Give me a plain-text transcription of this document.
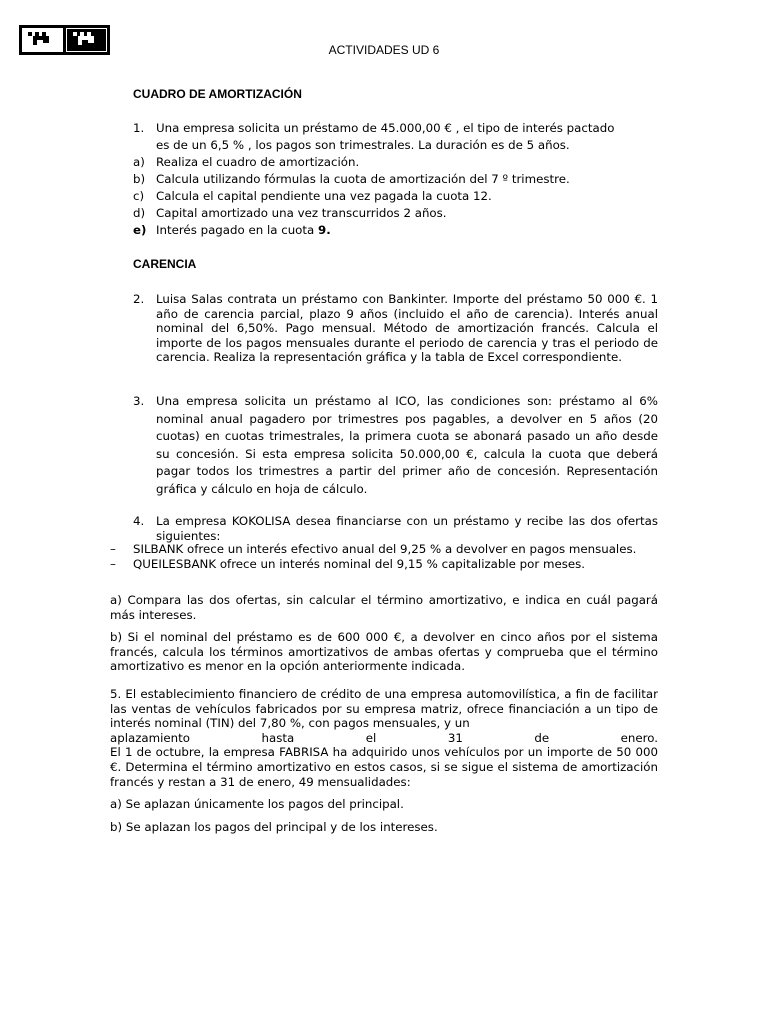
ACTIVIDADES UD 6
CUADRO DE AMORTIZACIÓN
1. Una empresa solicita un préstamo de 45.000,00 € , el tipo de interés pactado
es de un 6,5 % , los pagos son trimestrales. La duración es de 5 años.
a) Realiza el cuadro de amortización.
b) Calcula utilizando fórmulas la cuota de amortización del 7 º trimestre.
c) Calcula el capital pendiente una vez pagada la cuota 12.
d) Capital amortizado una vez transcurridos 2 años.
e) Interés pagado en la cuota 9.
CARENCIA
2. Luisa Salas contrata un préstamo con Bankinter. Importe del préstamo 50 000 €. 1 año de carencia parcial, plazo 9 años (incluido el año de carencia). Interés anual nominal del 6,50%. Pago mensual. Método de amortización francés. Calcula el importe de los pagos mensuales durante el periodo de carencia y tras el periodo de carencia. Realiza la representación gráfica y la tabla de Excel correspondiente.
3. Una empresa solicita un préstamo al ICO, las condiciones son: préstamo al 6% nominal anual pagadero por trimestres pos pagables, a devolver en 5 años (20 cuotas) en cuotas trimestrales, la primera cuota se abonará pasado un año desde su concesión. Si esta empresa solicita 50.000,00 €, calcula la cuota que deberá pagar todos los trimestres a partir del primer año de concesión. Representación gráfica y cálculo en hoja de cálculo.
4. La empresa KOKOLISA desea financiarse con un préstamo y recibe las dos ofertas siguientes:
– SILBANK ofrece un interés efectivo anual del 9,25 % a devolver en pagos mensuales.
– QUEILESBANK ofrece un interés nominal del 9,15 % capitalizable por meses.
a) Compara las dos ofertas, sin calcular el término amortizativo, e indica en cuál pagará más intereses.
b) Si el nominal del préstamo es de 600 000 €, a devolver en cinco años por el sistema francés, calcula los términos amortizativos de ambas ofertas y comprueba que el término amortizativo es menor en la opción anteriormente indicada.
5. El establecimiento financiero de crédito de una empresa automovilística, a fin de facilitar las ventas de vehículos fabricados por su empresa matriz, ofrece financiación a un tipo de interés nominal (TIN) del 7,80 %, con pagos mensuales, y un
aplazamiento	hasta	el	31	de	enero.
El 1 de octubre, la empresa FABRISA ha adquirido unos vehículos por un importe de 50 000 €. Determina el término amortizativo en estos casos, si se sigue el sistema de amortización francés y restan a 31 de enero, 49 mensualidades:
a) Se aplazan únicamente los pagos del principal.
b) Se aplazan los pagos del principal y de los intereses.
